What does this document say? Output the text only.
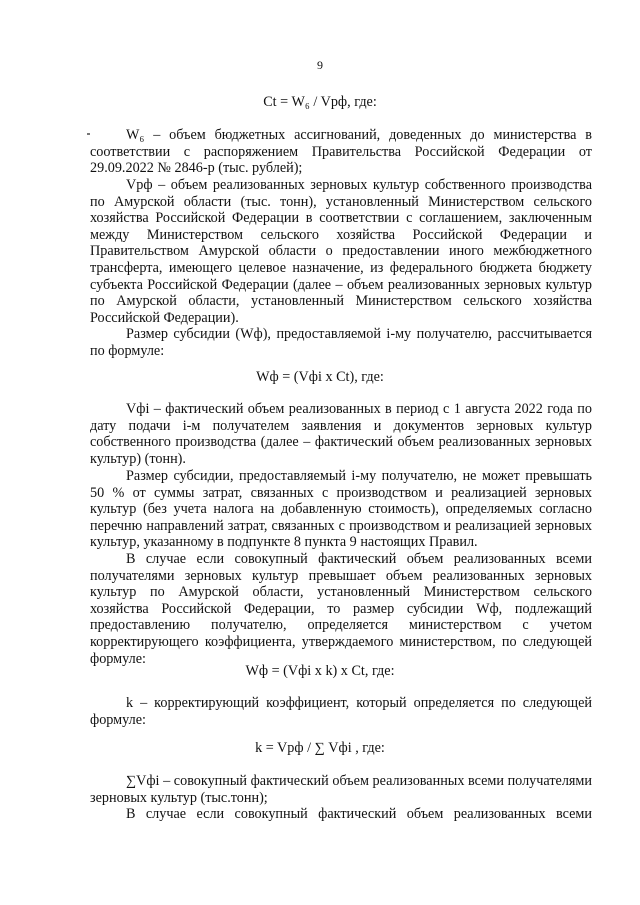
9
Ct = W₆ / Vрф, где:
W₆ – объем бюджетных ассигнований, доведенных до министерства в соответствии с распоряжением Правительства Российской Федерации от 29.09.2022 № 2846-р (тыс. рублей);
Vрф – объем реализованных зерновых культур собственного производства по Амурской области (тыс. тонн), установленный Министерством сельского хозяйства Российской Федерации в соответствии с соглашением, заключенным между Министерством сельского хозяйства Российской Федерации и Правительством Амурской области о предоставлении иного межбюджетного трансферта, имеющего целевое назначение, из федерального бюджета бюджету субъекта Российской Федерации (далее – объем реализованных зерновых культур по Амурской области, установленный Министерством сельского хозяйства Российской Федерации).
Размер субсидии (Wф), предоставляемой i-му получателю, рассчитывается по формуле:
Wф = (Vфi x Ct), где:
Vфi – фактический объем реализованных в период с 1 августа 2022 года по дату подачи i-м получателем заявления и документов зерновых культур собственного производства (далее – фактический объем реализованных зерновых культур) (тонн).
Размер субсидии, предоставляемый i-му получателю, не может превышать 50 % от суммы затрат, связанных с производством и реализацией зерновых культур (без учета налога на добавленную стоимость), определяемых согласно перечню направлений затрат, связанных с производством и реализацией зерновых культур, указанному в подпункте 8 пункта 9 настоящих Правил.
В случае если совокупный фактический объем реализованных всеми получателями зерновых культур превышает объем реализованных зерновых культур по Амурской области, установленный Министерством сельского хозяйства Российской Федерации, то размер субсидии Wф, подлежащий предоставлению получателю, определяется министерством с учетом корректирующего коэффициента, утверждаемого министерством, по следующей формуле:
Wф = (Vфi x k) x Ct, где:
k – корректирующий коэффициент, который определяется по следующей формуле:
k = Vрф / ∑ Vфi , где:
∑Vфi – совокупный фактический объем реализованных всеми получателями зерновых культур (тыс.тонн);
В случае если совокупный фактический объем реализованных всеми
